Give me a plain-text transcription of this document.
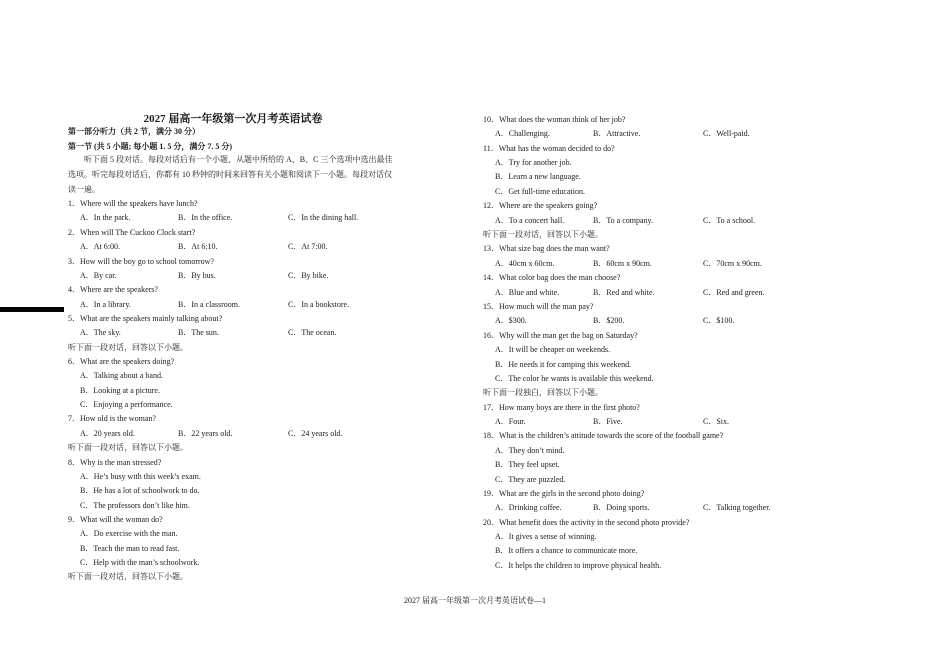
2027 届高一年级第一次月考英语试卷
第一部分听力（共 2 节，满分 30 分）
第一节 (共 5 小题; 每小题 1. 5 分，满分 7. 5 分)
听下面 5 段对话。每段对话后有一个小题，从题中所给的 A、B、C 三个选项中选出最佳
选项。听完每段对话后，你都有 10 秒钟的时间来回答有关小题和阅读下一小题。每段对话仅
读一遍。
1．Where will the speakers have lunch?
A．In the park.	B．In the office.	C．In the dining hall.
2．When will The Cuckoo Clock start?
A．At 6:00.	B．At 6:10.	C．At 7:00.
3．How will the boy go to school tomorrow?
A．By car.	B．By bus.	C．By bike.
4．Where are the speakers?
A．In a library.	B．In a classroom.	C．In a bookstore.
5．What are the speakers mainly talking about?
A．The sky.	B．The sun.	C．The ocean.
听下面一段对话，回答以下小题。
6．What are the speakers doing?
A．Talking about a band.
B．Looking at a picture.
C．Enjoying a performance.
7．How old is the woman?
A．20 years old.	B．22 years old.	C．24 years old.
听下面一段对话，回答以下小题。
8．Why is the man stressed?
A．He’s busy with this week’s exam.
B．He has a lot of schoolwork to do.
C．The professors don’t like him.
9．What will the woman do?
A．Do exercise with the man.
B．Teach the man to read fast.
C．Help with the man’s schoolwork.
听下面一段对话，回答以下小题。
10．What does the woman think of her job?
A．Challenging.	B．Attractive.	C．Well-paid.
11．What has the woman decided to do?
A．Try for another job.
B．Learn a new language.
C．Get full-time education.
12．Where are the speakers going?
A．To a concert hall.	B．To a company.	C．To a school.
听下面一段对话，回答以下小题。
13．What size bag does the man want?
A．40cm x 60cm.	B．60cm x 90cm.	C．70cm x 90cm.
14．What color bag does the man choose?
A．Blue and white.	B．Red and white.	C．Red and green.
15．How much will the man pay?
A．$300.	B．$200.	C．$100.
16．Why will the man get the bag on Saturday?
A．It will be cheaper on weekends.
B．He needs it for camping this weekend.
C．The color he wants is available this weekend.
听下面一段独白，回答以下小题。
17．How many boys are there in the first photo?
A．Four.	B．Five.	C．Six.
18．What is the children’s attitude towards the score of the football game?
A．They don’t mind.
B．They feel upset.
C．They are puzzled.
19．What are the girls in the second photo doing?
A．Drinking coffee.	B．Doing sports.	C．Talking together.
20．What benefit does the activity in the second photo provide?
A．It gives a sense of winning.
B．It offers a chance to communicate more.
C．It helps the children to improve physical health.
2027 届高一年级第一次月考英语试卷—1
